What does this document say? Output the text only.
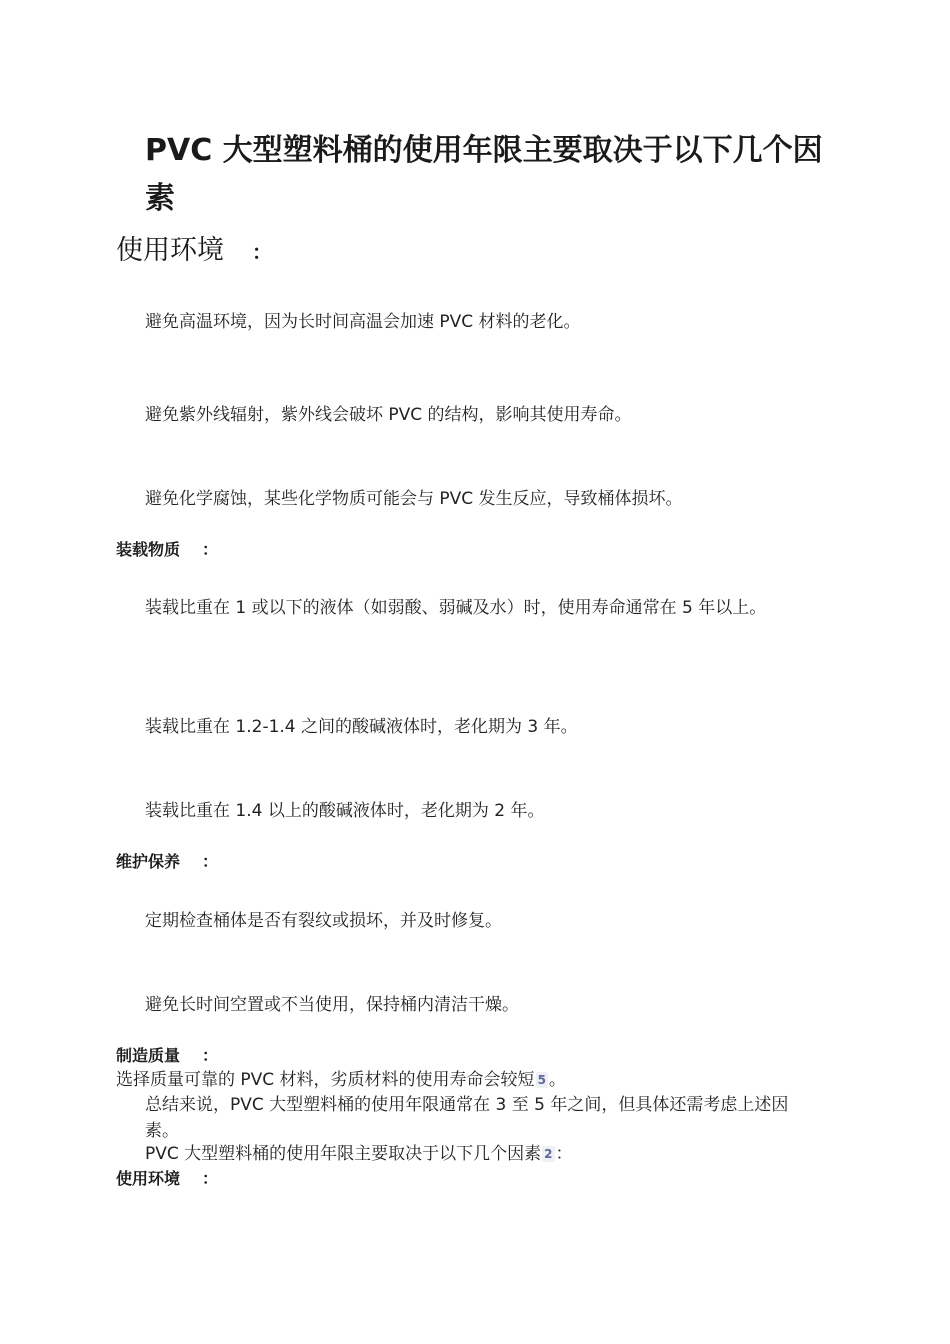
PVC 大型塑料桶的使用年限主要取决于以下几个因素
使用环境 ：
避免高温环境，因为长时间高温会加速 PVC 材料的老化。
避免紫外线辐射，紫外线会破坏 PVC 的结构，影响其使用寿命。
避免化学腐蚀，某些化学物质可能会与 PVC 发生反应，导致桶体损坏。
装载物质 ：
装载比重在 1 或以下的液体（如弱酸、弱碱及水）时，使用寿命通常在 5 年以上。
装载比重在 1.2-1.4 之间的酸碱液体时，老化期为 3 年。
装载比重在 1.4 以上的酸碱液体时，老化期为 2 年。
维护保养 ：
定期检查桶体是否有裂纹或损坏，并及时修复。
避免长时间空置或不当使用，保持桶内清洁干燥。
制造质量 ：
选择质量可靠的 PVC 材料，劣质材料的使用寿命会较短 5 。
总结来说，PVC 大型塑料桶的使用年限通常在 3 至 5 年之间，但具体还需考虑上述因素。
PVC 大型塑料桶的使用年限主要取决于以下几个因素 2 ：
使用环境 ：
